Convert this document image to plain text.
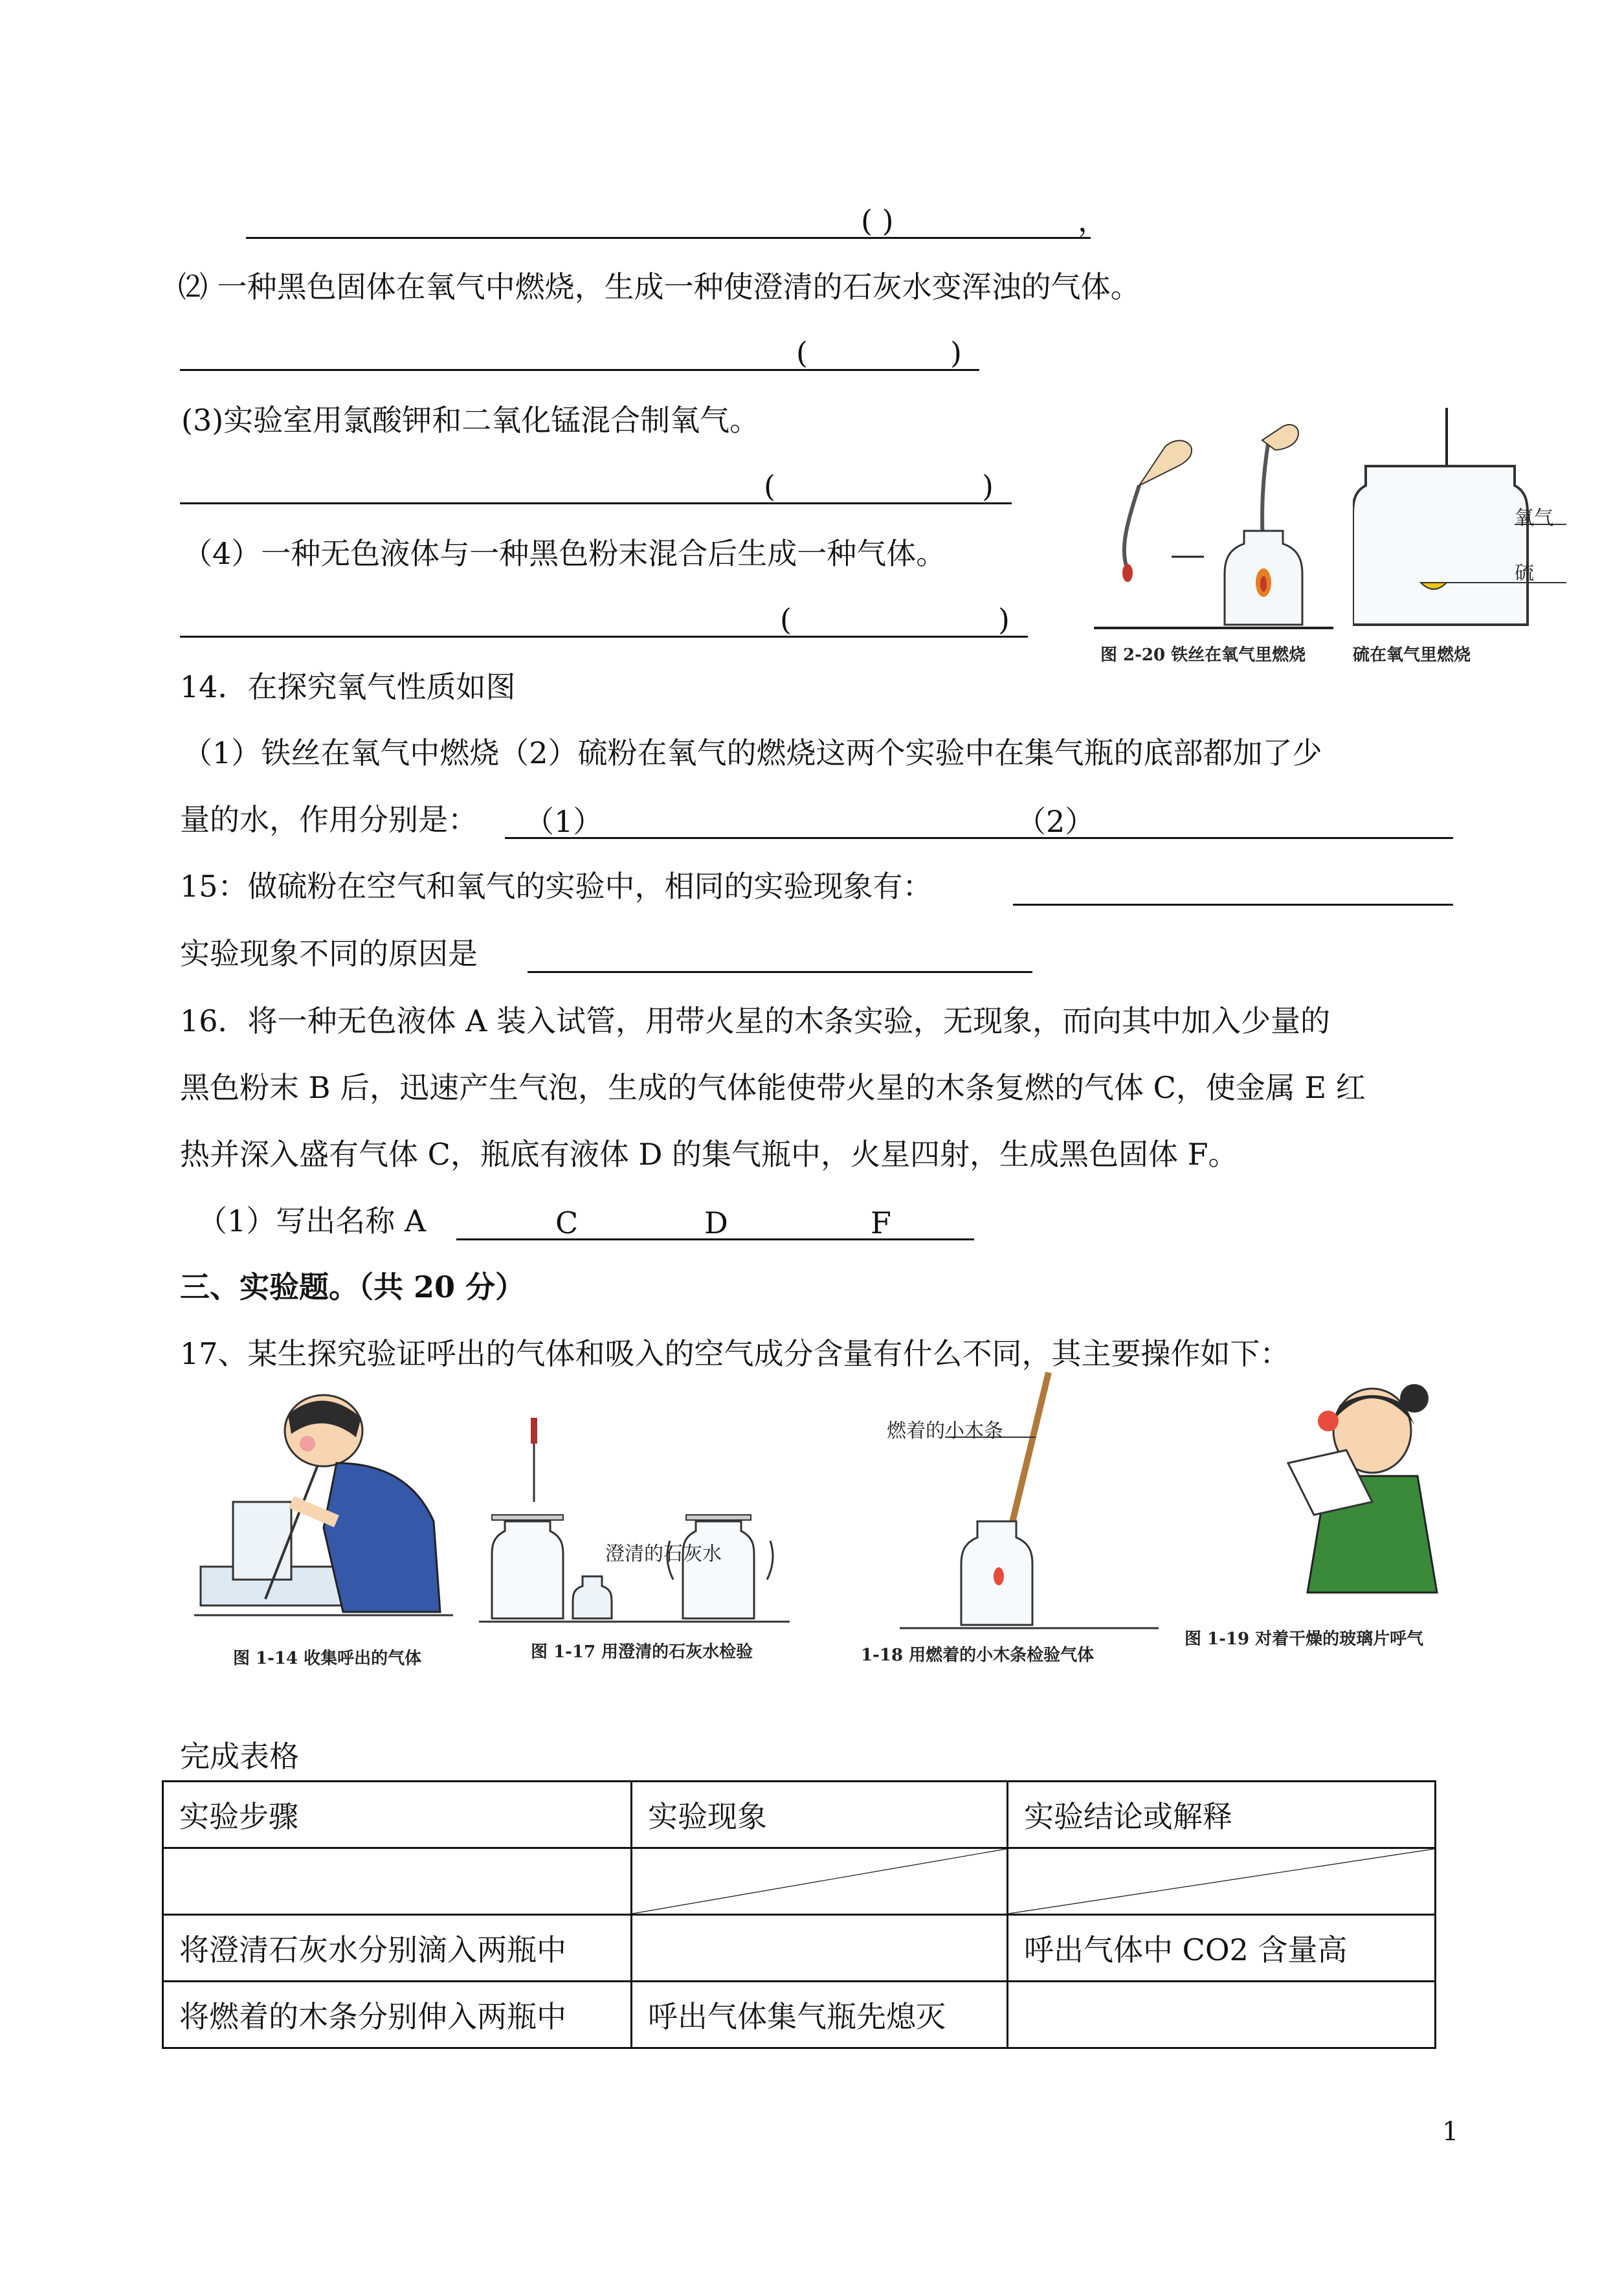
( )	，
⑵ 一种黑色固体在氧气中燃烧，生成一种使澄清的石灰水变浑浊的气体。
(	)
(3)实验室用氯酸钾和二氧化锰混合制氧气。
(	)
（4）一种无色液体与一种黑色粉末混合后生成一种气体。
(	)
图 2-20 铁丝在氧气里燃烧
氧气
硫
硫在氧气里燃烧
14．在探究氧气性质如图
（1）铁丝在氧气中燃烧（2）硫粉在氧气的燃烧这两个实验中在集气瓶的底部都加了少
量的水，作用分别是： （1）	（2）
15：做硫粉在空气和氧气的实验中，相同的实验现象有：
实验现象不同的原因是
16．将一种无色液体 A 装入试管，用带火星的木条实验，无现象，而向其中加入少量的
黑色粉末 B 后，迅速产生气泡，生成的气体能使带火星的木条复燃的气体 C，使金属 E 红
热并深入盛有气体 C，瓶底有液体 D 的集气瓶中，火星四射，生成黑色固体 F。
（1）写出名称 A	C	D	F
三、实验题。（共 20 分）
17、某生探究验证呼出的气体和吸入的空气成分含量有什么不同，其主要操作如下：
图 1-14 收集呼出的气体
澄清的石灰水
图 1-17 用澄清的石灰水检验
燃着的小木条
1-18 用燃着的小木条检验气体
图 1-19 对着干燥的玻璃片呼气
完成表格
实验步骤	实验现象	实验结论或解释

将澄清石灰水分别滴入两瓶中		呼出气体中 CO2 含量高
将燃着的木条分别伸入两瓶中	呼出气体集气瓶先熄灭	
1
